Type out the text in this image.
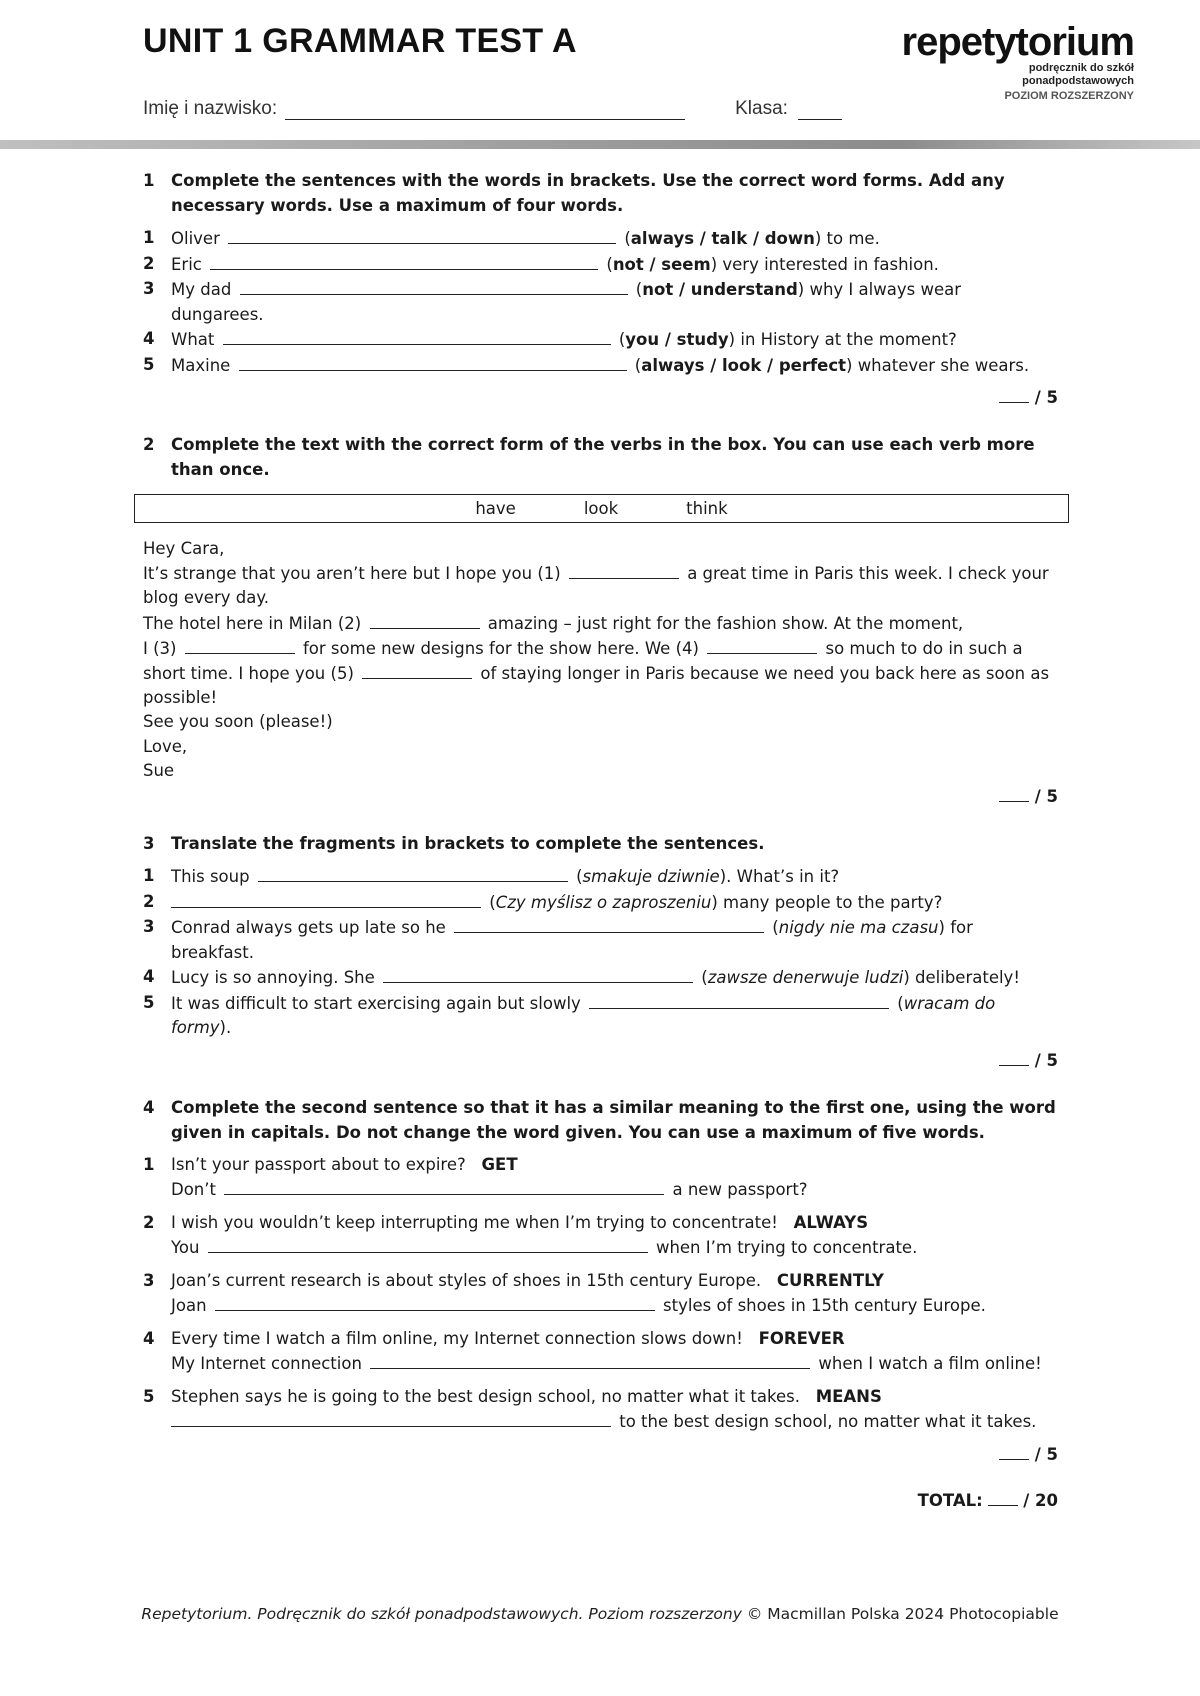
UNIT 1 GRAMMAR TEST A	repetytorium
podręcznik do szkół
ponadpodstawowych
POZIOM ROZSZERZONY
Imię i nazwisko:	Klasa:
1	Complete the sentences with the words in brackets. Use the correct word forms. Add any necessary words. Use a maximum of four words.
1	Oliver	(always / talk / down) to me.
2	Eric	(not / seem) very interested in fashion.
3	My dad	(not / understand) why I always wear dungarees.
4	What	(you / study) in History at the moment?
5	Maxine	(always / look / perfect) whatever she wears.
/ 5
2	Complete the text with the correct form of the verbs in the box. You can use each verb more than once.
have	look	think

Hey Cara,

It’s strange that you aren’t here but I hope you (1)	a great time in Paris this week. I check your blog every day.

The hotel here in Milan (2)	amazing – just right for the fashion show. At the moment,
I (3)	for some new designs for the show here. We (4)	so much to do in such a short time. I hope you (5)	of staying longer in Paris because we need you back here as soon as possible!

See you soon (please!)

Love,

Sue

/ 5
3	Translate the fragments in brackets to complete the sentences.
1	This soup	(smakuje dziwnie). What’s in it?
2	(Czy myślisz o zaproszeniu) many people to the party?
3	Conrad always gets up late so he	(nigdy nie ma czasu) for breakfast.
4	Lucy is so annoying. She	(zawsze denerwuje ludzi) deliberately!
5	It was difficult to start exercising again but slowly	(wracam do formy).
/ 5
4	Complete the second sentence so that it has a similar meaning to the first one, using the word given in capitals. Do not change the word given. You can use a maximum of five words.
1	Isn’t your passport about to expire? GET
Don’t	a new passport?
2	I wish you wouldn’t keep interrupting me when I’m trying to concentrate! ALWAYS
You	when I’m trying to concentrate.
3	Joan’s current research is about styles of shoes in 15th century Europe. CURRENTLY
Joan	styles of shoes in 15th century Europe.
4	Every time I watch a film online, my Internet connection slows down! FOREVER
My Internet connection	when I watch a film online!
5	Stephen says he is going to the best design school, no matter what it takes. MEANS
to the best design school, no matter what it takes.
/ 5
TOTAL: / 20
Repetytorium. Podręcznik do szkół ponadpodstawowych. Poziom rozszerzony © Macmillan Polska 2024 Photocopiable
